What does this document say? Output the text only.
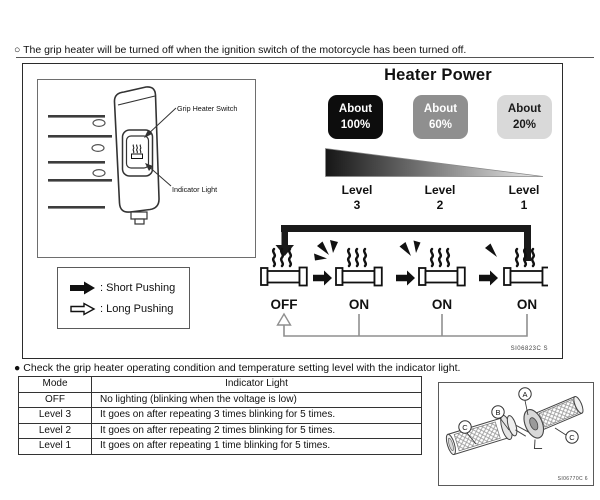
○ The grip heater will be turned off when the ignition switch of the motorcycle has been turned off.
Grip Heater Switch
Indicator Light
: Short Pushing
: Long Pushing
Heater Power
About
100%
About
60%
About
20%
Level
3
Level
2
Level
1
OFF	ON	ON	ON
SI06823C S
● Check the grip heater operating condition and temperature setting level with the indicator light.
Mode	Indicator Light
OFF	No lighting (blinking when the voltage is low)
Level 3	It goes on after repeating 3 times blinking for 5 times.
Level 2	It goes on after repeating 2 times blinking for 5 times.
Level 1	It goes on after repeating 1 time blinking for 5 times.
A
B
C
C
SI06770C 6
